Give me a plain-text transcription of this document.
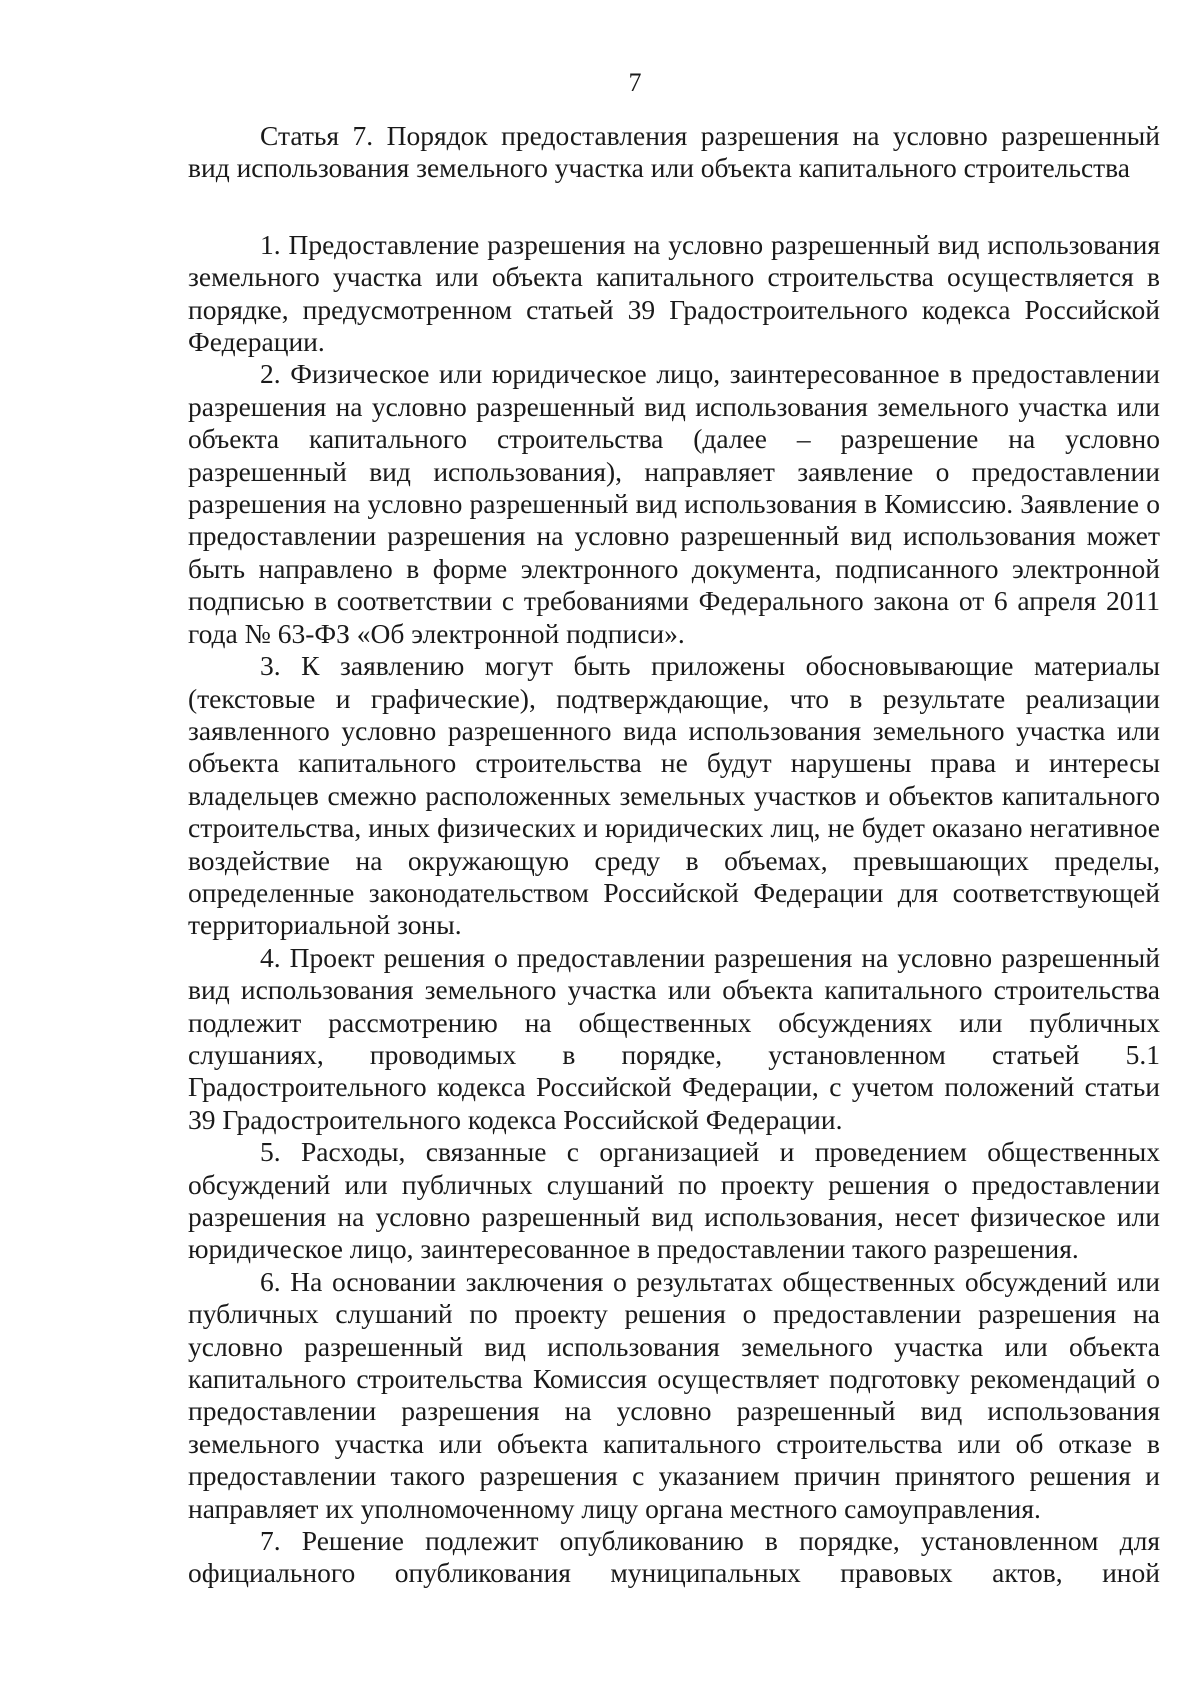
7
Статья 7. Порядок предоставления разрешения на условно разрешенный вид использования земельного участка или объекта капитального строительства

1. Предоставление разрешения на условно разрешенный вид использования земельного участка или объекта капитального строительства осуществляется в порядке, предусмотренном статьей 39 Градостроительного кодекса Российской Федерации.

2. Физическое или юридическое лицо, заинтересованное в предоставлении разрешения на условно разрешенный вид использования земельного участка или объекта капитального строительства (далее – разрешение на условно разрешенный вид использования), направляет заявление о предоставлении разрешения на условно разрешенный вид использования в Комиссию. Заявление о предоставлении разрешения на условно разрешенный вид использования может быть направлено в форме электронного документа, подписанного электронной подписью в соответствии с требованиями Федерального закона от 6 апреля 2011 года № 63-ФЗ «Об электронной подписи».

3. К заявлению могут быть приложены обосновывающие материалы (текстовые и графические), подтверждающие, что в результате реализации заявленного условно разрешенного вида использования земельного участка или объекта капитального строительства не будут нарушены права и интересы владельцев смежно расположенных земельных участков и объектов капитального строительства, иных физических и юридических лиц, не будет оказано негативное воздействие на окружающую среду в объемах, превышающих пределы, определенные законодательством Российской Федерации для соответствующей территориальной зоны.

4. Проект решения о предоставлении разрешения на условно разрешенный вид использования земельного участка или объекта капитального строительства подлежит рассмотрению на общественных обсуждениях или публичных слушаниях, проводимых в порядке, установленном статьей 5.1 Градостроительного кодекса Российской Федерации, с учетом положений статьи 39 Градостроительного кодекса Российской Федерации.

5. Расходы, связанные с организацией и проведением общественных обсуждений или публичных слушаний по проекту решения о предоставлении разрешения на условно разрешенный вид использования, несет физическое или юридическое лицо, заинтересованное в предоставлении такого разрешения.

6. На основании заключения о результатах общественных обсуждений или публичных слушаний по проекту решения о предоставлении разрешения на условно разрешенный вид использования земельного участка или объекта капитального строительства Комиссия осуществляет подготовку рекомендаций о предоставлении разрешения на условно разрешенный вид использования земельного участка или объекта капитального строительства или об отказе в предоставлении такого разрешения с указанием причин принятого решения и направляет их уполномоченному лицу органа местного самоуправления.

7. Решение подлежит опубликованию в порядке, установленном для официального опубликования муниципальных правовых актов, иной
